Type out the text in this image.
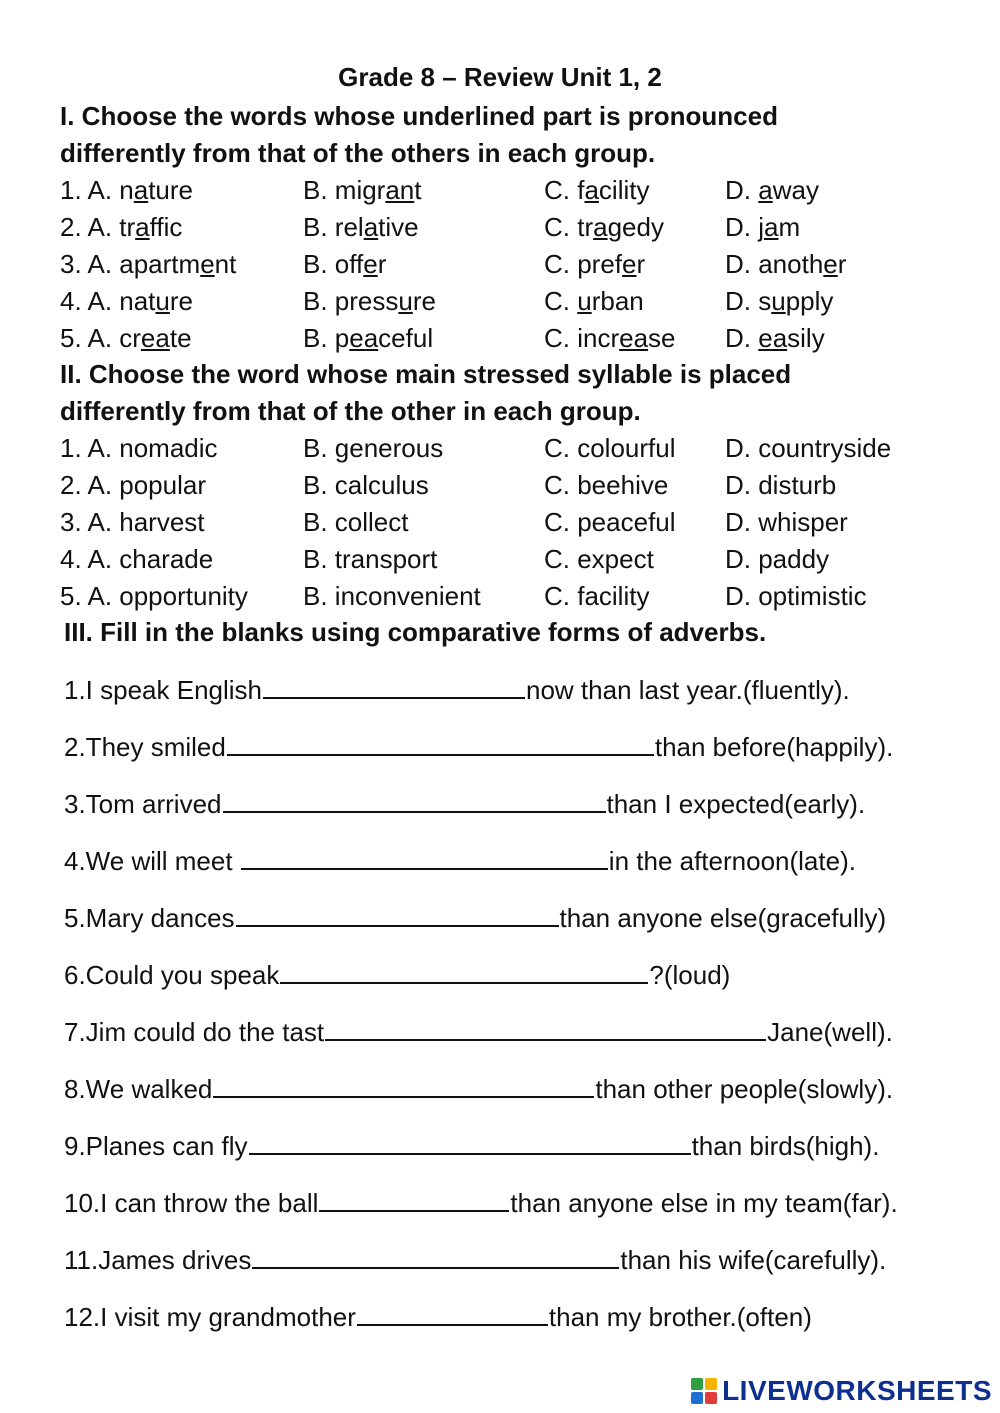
Grade 8 – Review Unit 1, 2
I. Choose the words whose underlined part is pronounced
differently from that of the others in each group.
1. A. nature	B. migrant	C. facility	D. away
2. A. traffic	B. relative	C. tragedy D. jam
3. A. apartment	B. offer	C. prefer	D. another
4. A. nature	B. pressure	C. urban	D. supply
5. A. create	B. peaceful	C. increase D. easily
II. Choose the word whose main stressed syllable is placed
differently from that of the other in each group.
1. A. nomadic	B. generous	C. colourful D. countryside
2. A. popular	B. calculus	C. beehive D. disturb
3. A. harvest	B. collect	C. peaceful D. whisper
4. A. charade	B. transport	C. expect	D. paddy
5. A. opportunity B. inconvenient C. facility	D. optimistic
III. Fill in the blanks using comparative forms of adverbs.
1.I speak English	now than last year.(fluently).
2.They smiled	than before(happily).
3.Tom arrived	than I expected(early).
4.We will meet	in the afternoon(late).
5.Mary dances	than anyone else(gracefully)
6.Could you speak	?(loud)
7.Jim could do the tast	Jane(well).
8.We walked	than other people(slowly).
9.Planes can fly	than birds(high).
10.I can throw the ball	than anyone else in my team(far).
11.James drives	than his wife(carefully).
12.I visit my grandmother	than my brother.(often)
LIVEWORKSHEETS
